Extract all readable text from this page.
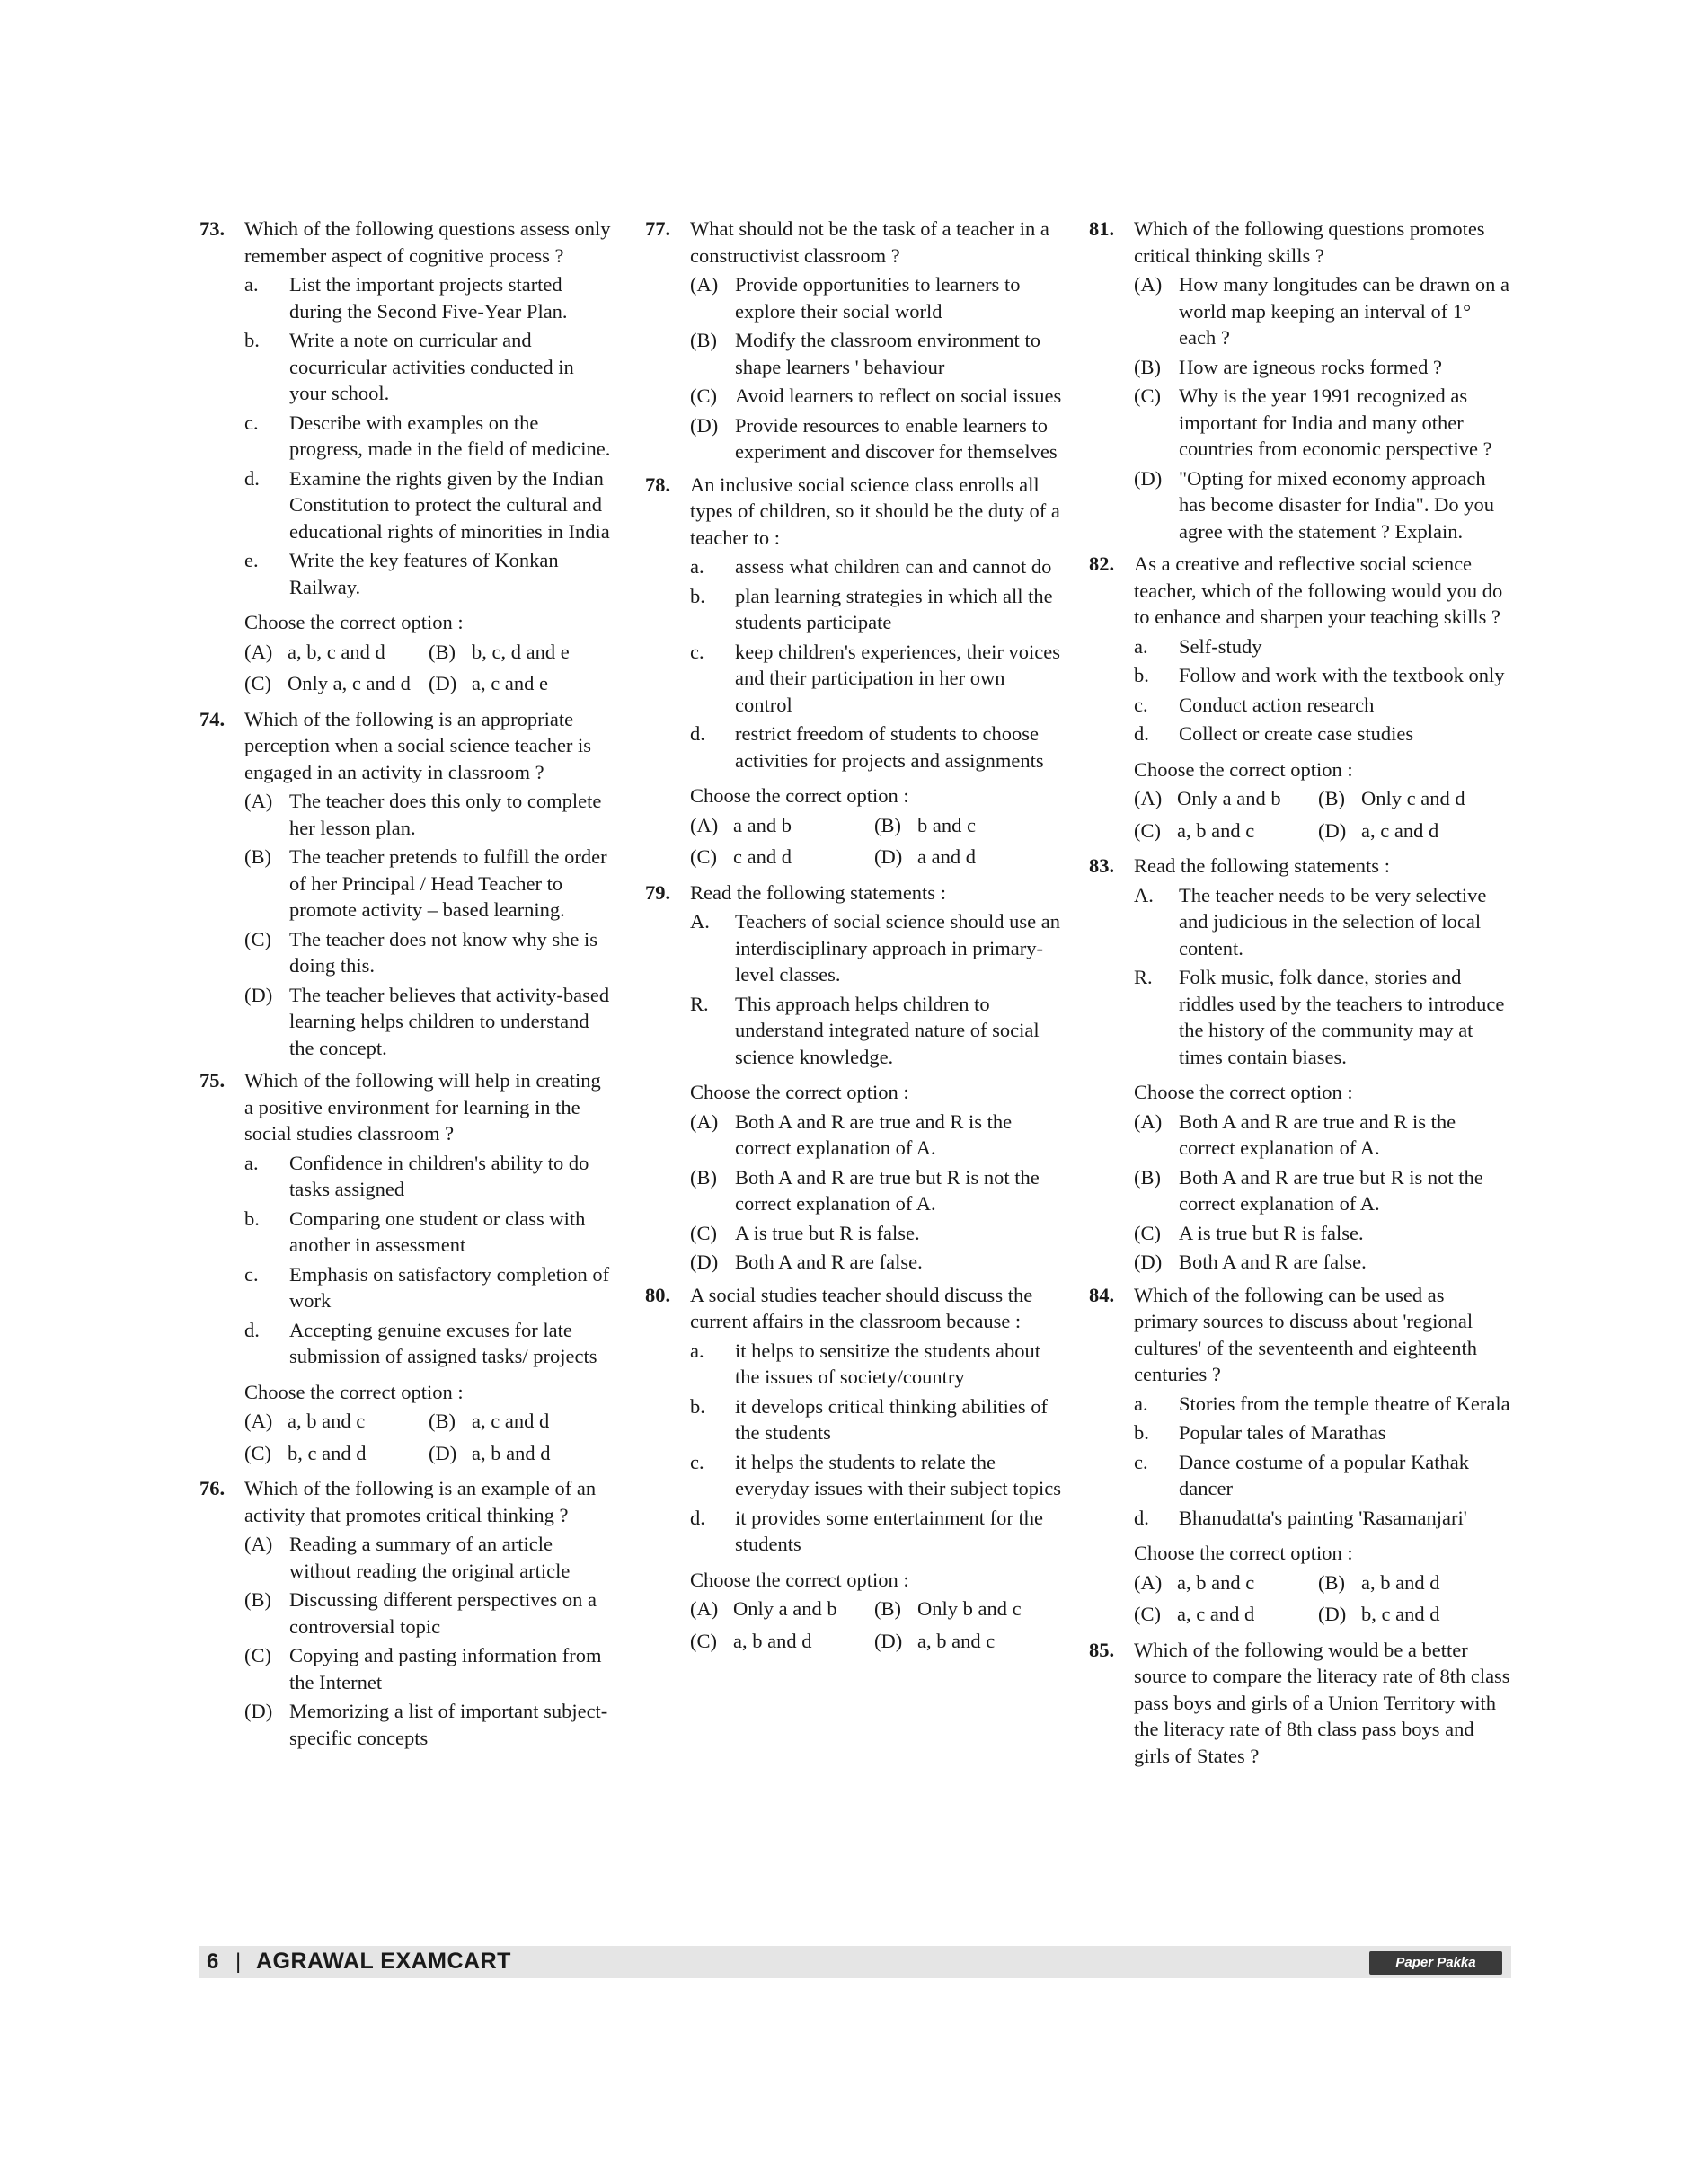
73. Which of the following questions assess only remember aspect of cognitive process ?
a.	List the important projects started during the Second Five-Year Plan.
b.	Write a note on curricular and cocurricular activities conducted in your school.
c.	Describe with examples on the progress, made in the field of medicine.
d.	Examine the rights given by the Indian Constitution to protect the cultural and educational rights of minorities in India
e.	Write the key features of Konkan Railway.
Choose the correct option :
(A) a, b, c and d (B) b, c, d and e
(C) Only a, c and d (D) a, c and e
74. Which of the following is an appropriate perception when a social science teacher is engaged in an activity in classroom ?
(A) The teacher does this only to complete her lesson plan.
(B) The teacher pretends to fulfill the order of her Principal / Head Teacher to promote activity – based learning.
(C) The teacher does not know why she is doing this.
(D) The teacher believes that activity-based learning helps children to understand the concept.
75. Which of the following will help in creating a positive environment for learning in the social studies classroom ?
a.	Confidence in children's ability to do tasks assigned
b.	Comparing one student or class with another in assessment
c.	Emphasis on satisfactory completion of work
d.	Accepting genuine excuses for late submission of assigned tasks/ projects
Choose the correct option :
(A) a, b and c	(B) a, c and d
(C) b, c and d	(D) a, b and d
76. Which of the following is an example of an activity that promotes critical thinking ?
(A) Reading a summary of an article without reading the original article
(B) Discussing different perspectives on a controversial topic
(C) Copying and pasting information from the Internet
(D) Memorizing a list of important subject-specific concepts
77. What should not be the task of a teacher in a constructivist classroom ?
(A) Provide opportunities to learners to explore their social world
(B) Modify the classroom environment to shape learners ' behaviour
(C) Avoid learners to reflect on social issues
(D) Provide resources to enable learners to experiment and discover for themselves
78. An inclusive social science class enrolls all types of children, so it should be the duty of a teacher to :
a.	assess what children can and cannot do
b.	plan learning strategies in which all the students participate
c.	keep children's experiences, their voices and their participation in her own control
d.	restrict freedom of students to choose activities for projects and assignments
Choose the correct option :
(A) a and b	(B) b and c
(C) c and d	(D) a and d
79. Read the following statements :
A.	Teachers of social science should use an interdisciplinary approach in primary-level classes.
R.	This approach helps children to understand integrated nature of social science knowledge.
Choose the correct option :
(A) Both A and R are true and R is the correct explanation of A.
(B) Both A and R are true but R is not the correct explanation of A.
(C) A is true but R is false.
(D) Both A and R are false.
80. A social studies teacher should discuss the current affairs in the classroom because :
a.	it helps to sensitize the students about the issues of society/country
b.	it develops critical thinking abilities of the students
c.	it helps the students to relate the everyday issues with their subject topics
d.	it provides some entertainment for the students
Choose the correct option :
(A) Only a and b (B) Only b and c
(C) a, b and d	(D) a, b and c
81. Which of the following questions promotes critical thinking skills ?
(A) How many longitudes can be drawn on a world map keeping an interval of 1° each ?
(B) How are igneous rocks formed ?
(C) Why is the year 1991 recognized as important for India and many other countries from economic perspective ?
(D) "Opting for mixed economy approach has become disaster for India". Do you agree with the statement ? Explain.
82. As a creative and reflective social science teacher, which of the following would you do to enhance and sharpen your teaching skills ?
a.	Self-study
b.	Follow and work with the textbook only
c.	Conduct action research
d.	Collect or create case studies
Choose the correct option :
(A) Only a and b (B) Only c and d
(C) a, b and c	(D) a, c and d
83. Read the following statements :
A.	The teacher needs to be very selective and judicious in the selection of local content.
R.	Folk music, folk dance, stories and riddles used by the teachers to introduce the history of the community may at times contain biases.
Choose the correct option :
(A) Both A and R are true and R is the correct explanation of A.
(B) Both A and R are true but R is not the correct explanation of A.
(C) A is true but R is false.
(D) Both A and R are false.
84. Which of the following can be used as primary sources to discuss about 'regional cultures' of the seventeenth and eighteenth centuries ?
a.	Stories from the temple theatre of Kerala
b.	Popular tales of Marathas
c.	Dance costume of a popular Kathak dancer
d.	Bhanudatta's painting 'Rasamanjari'
Choose the correct option :
(A) a, b and c	(B) a, b and d
(C) a, c and d	(D) b, c and d
85. Which of the following would be a better source to compare the literacy rate of 8th class pass boys and girls of a Union Territory with the literacy rate of 8th class pass boys and girls of States ?
6 | AGRAWAL EXAMCART	Paper Pakka Fasega!
